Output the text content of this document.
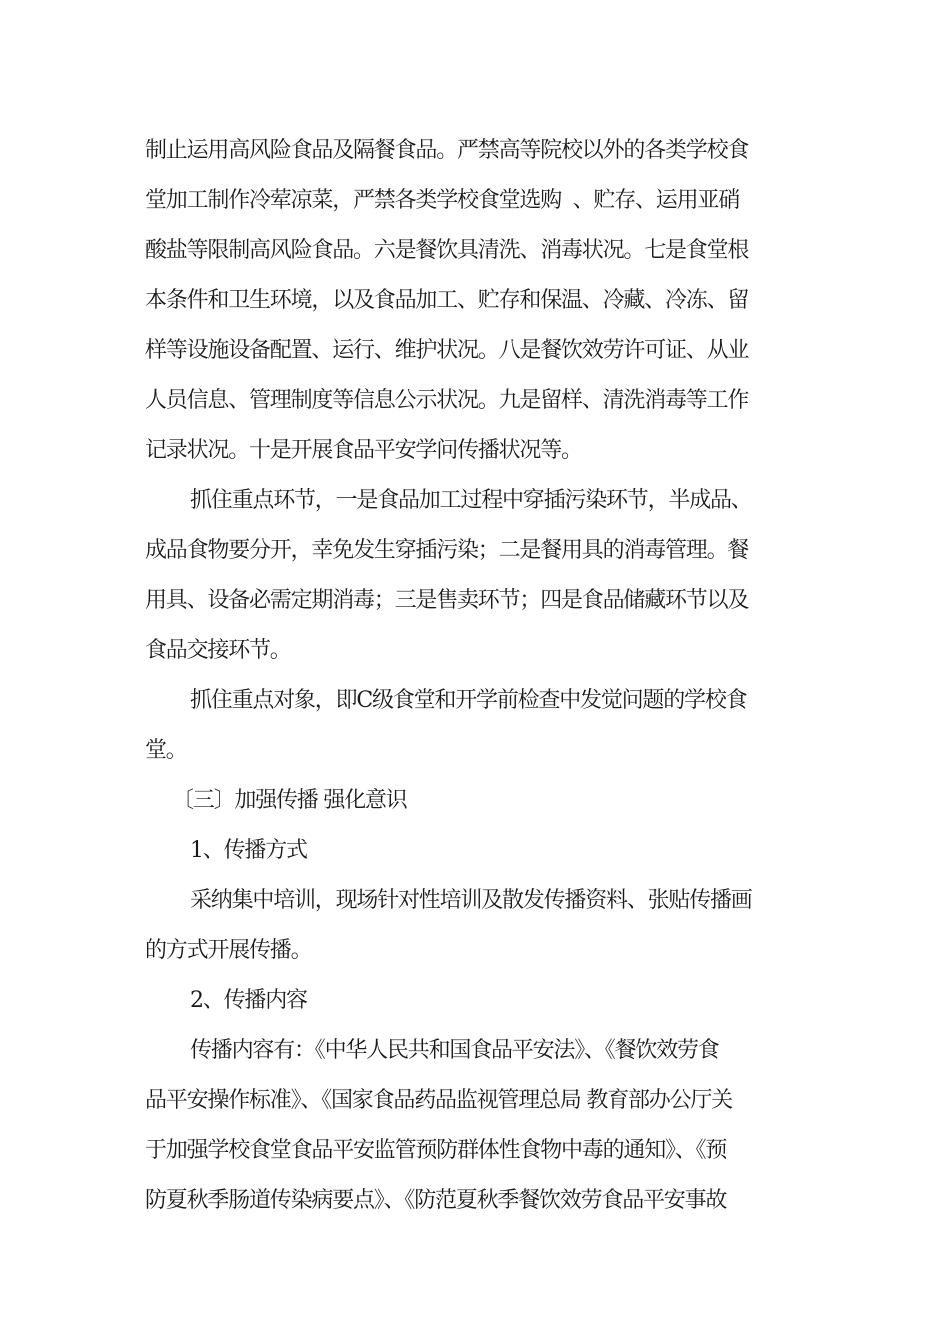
制止运用高风险食品及隔餐食品。严禁高等院校以外的各类学校食
堂加工制作冷荤凉菜，严禁各类学校食堂选购  、贮存、运用亚硝
酸盐等限制高风险食品。六是餐饮具清洗、消毒状况。七是食堂根
本条件和卫生环境，以及食品加工、贮存和保温、冷藏、冷冻、留
样等设施设备配置、运行、维护状况。八是餐饮效劳许可证、从业
人员信息、管理制度等信息公示状况。九是留样、清洗消毒等工作
记录状况。十是开展食品平安学问传播状况等。
抓住重点环节，一是食品加工过程中穿插污染环节，半成品、
成品食物要分开，幸免发生穿插污染；二是餐用具的消毒管理。餐
用具、设备必需定期消毒；三是售卖环节；四是食品储藏环节以及
食品交接环节。
抓住重点对象，即C级食堂和开学前检查中发觉问题的学校食
堂。
〔三〕加强传播 强化意识
1、传播方式
采纳集中培训，现场针对性培训及散发传播资料、张贴传播画
的方式开展传播。
2、传播内容
传播内容有：《中华人民共和国食品平安法》、《餐饮效劳食
品平安操作标准》、《国家食品药品监视管理总局 教育部办公厅关
于加强学校食堂食品平安监管预防群体性食物中毒的通知》、《预
防夏秋季肠道传染病要点》、《防范夏秋季餐饮效劳食品平安事故
